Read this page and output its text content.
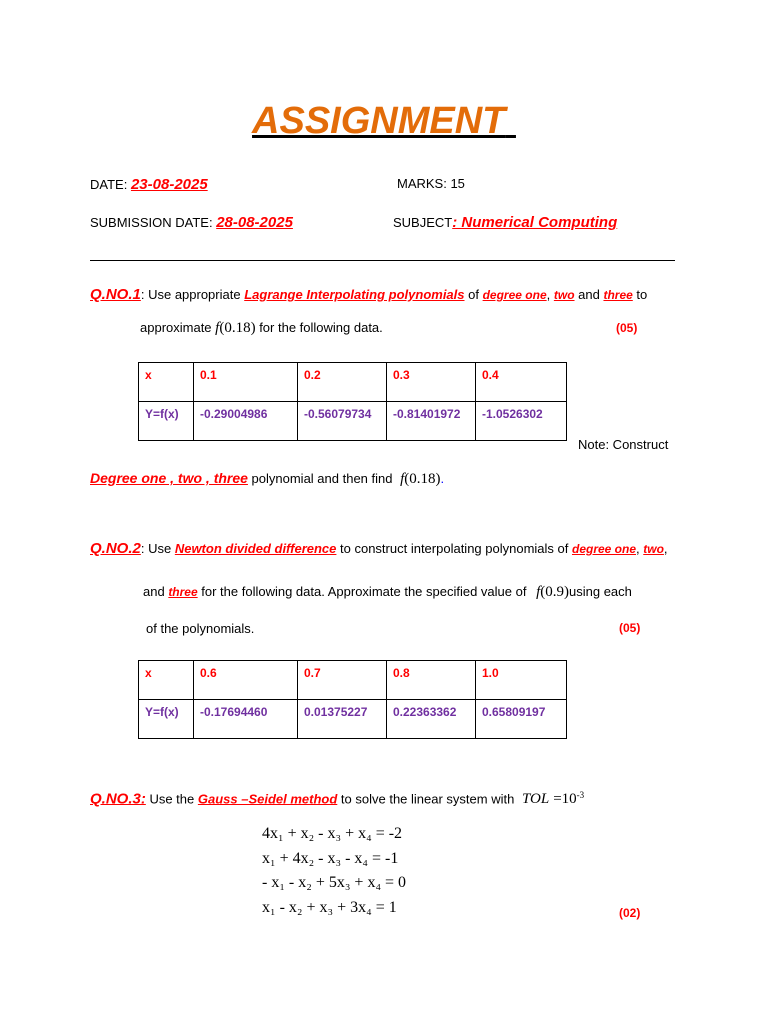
ASSIGNMENT
DATE: 23-08-2025	MARKS: 15
SUBMISSION DATE: 28-08-2025	SUBJECT: Numerical Computing
Q.NO.1: Use appropriate Lagrange Interpolating polynomials of degree one, two and three to
approximate f(0.18) for the following data.	(05)
x	0.1	0.2	0.3	0.4
Y=f(x)	-0.29004986	-0.56079734	-0.81401972	-1.0526302
Note: Construct
Degree one , two , three polynomial and then find f(0.18).
Q.NO.2: Use Newton divided difference to construct interpolating polynomials of degree one, two,
and three for the following data. Approximate the specified value of f(0.9)using each
of the polynomials.	(05)
x	0.6	0.7	0.8	1.0
Y=f(x)	-0.17694460	0.01375227	0.22363362	0.65809197
Q.NO.3: Use the Gauss –Seidel method to solve the linear system with TOL $=10^{-3}$
4x₁ + x₂ - x₃ + x₄ = -2
x₁ + 4x₂ - x₃ - x₄ = -1
- x₁ - x₂ + 5x₃ + x₄ = 0
x₁ - x₂ + x₃ + 3x₄ = 1	(02)
